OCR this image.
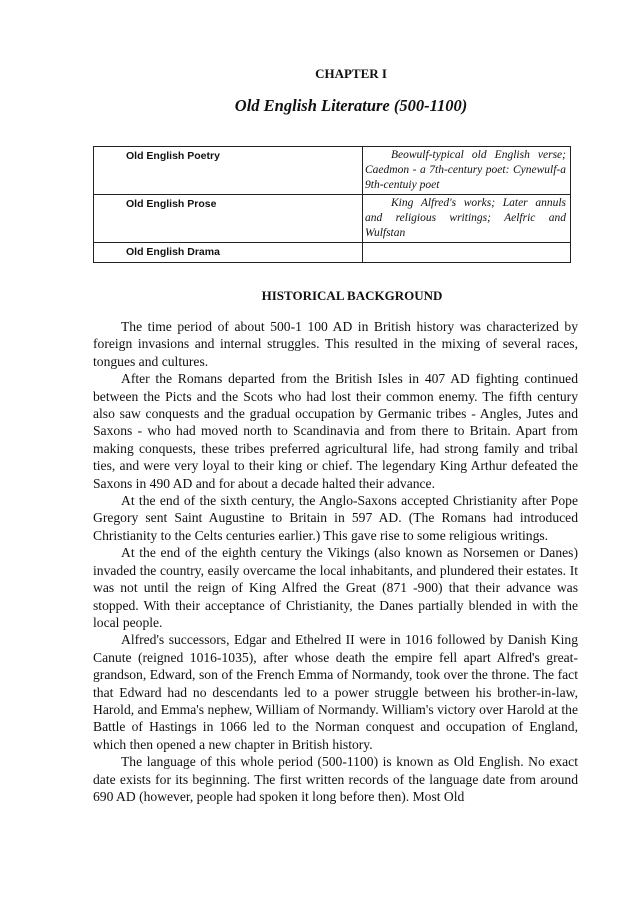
CHAPTER I
Old English Literature (500-1100)
Old English Poetry	Beowulf-typical old English verse; Caedmon - a 7th-century poet: Cynewulf-a 9th-centuiy poet
Old English Prose	King Alfred's works; Later annuls and religious writings; Aelfric and Wulfstan
Old English Drama	
HISTORICAL BACKGROUND

The time period of about 500-1 100 AD in British history was characterized by foreign invasions and internal struggles. This resulted in the mixing of several races, tongues and cultures.

After the Romans departed from the British Isles in 407 AD fighting continued between the Picts and the Scots who had lost their common enemy. The fifth century also saw conquests and the gradual occupation by Germanic tribes - Angles, Jutes and Saxons - who had moved north to Scandinavia and from there to Britain. Apart from making conquests, these tribes preferred agricultural life, had strong family and tribal ties, and were very loyal to their king or chief. The legendary King Arthur defeated the Saxons in 490 AD and for about a decade halted their advance.

At the end of the sixth century, the Anglo-Saxons accepted Christianity after Pope Gregory sent Saint Augustine to Britain in 597 AD. (The Romans had introduced Christianity to the Celts centuries earlier.) This gave rise to some religious writings.

At the end of the eighth century the Vikings (also known as Norsemen or Danes) invaded the country, easily overcame the local inhabitants, and plundered their estates. It was not until the reign of King Alfred the Great (871 -900) that their advance was stopped. With their acceptance of Christianity, the Danes partially blended in with the local people.

Alfred's successors, Edgar and Ethelred II were in 1016 followed by Danish King Canute (reigned 1016-1035), after whose death the empire fell apart Alfred's great-grandson, Edward, son of the French Emma of Normandy, took over the throne. The fact that Edward had no descendants led to a power struggle between his brother-in-law, Harold, and Emma's nephew, William of Normandy. William's victory over Harold at the Battle of Hastings in 1066 led to the Norman conquest and occupation of England, which then opened a new chapter in British history.

The language of this whole period (500-1100) is known as Old English. No exact date exists for its beginning. The first written records of the language date from around 690 AD (however, people had spoken it long before then). Most Old
